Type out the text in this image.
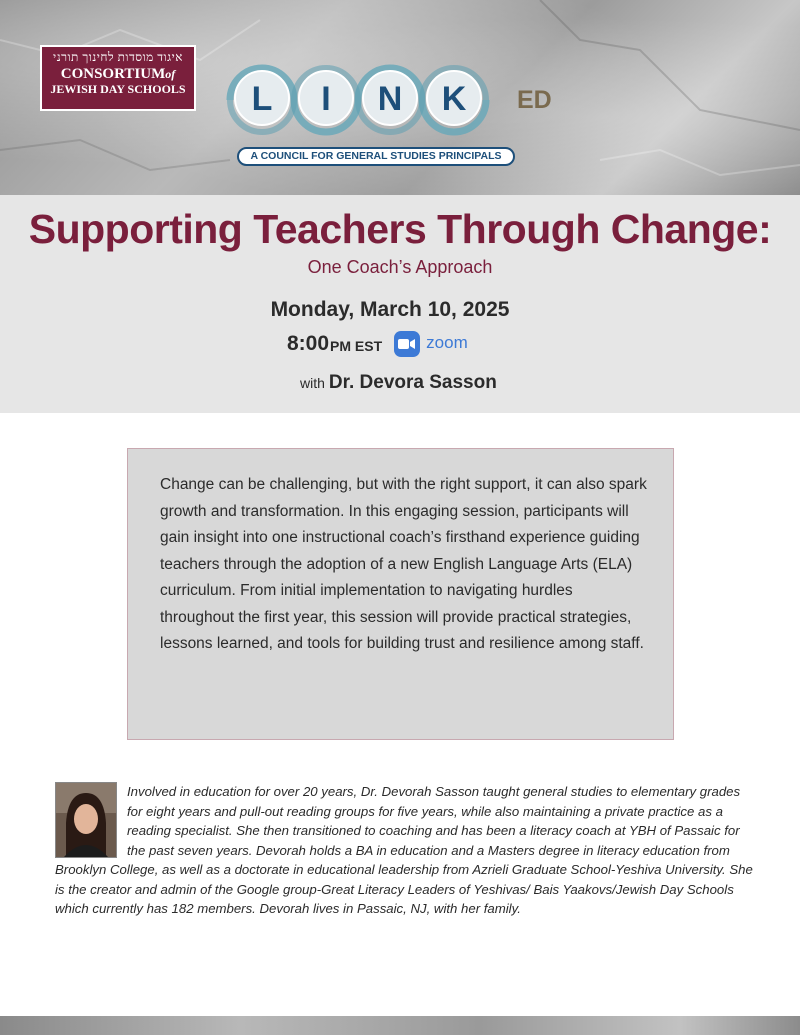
איגוד מוסדות לחינוך תורני
CONSORTIUMof
JEWISH DAY SCHOOLS L I N K ED
A COUNCIL FOR GENERAL STUDIES PRINCIPALS
Supporting Teachers Through Change:
One Coach’s Approach
Monday, March 10, 2025
8:00 PM EST	zoom
with Dr. Devora Sasson
Change can be challenging, but with the right support, it can also spark growth and transformation. In this engaging session, participants will gain insight into one instructional coach’s firsthand experience guiding teachers through the adoption of a new English Language Arts (ELA) curriculum. From initial implementation to navigating hurdles throughout the first year, this session will provide practical strategies, lessons learned, and tools for building trust and resilience among staff.
Involved in education for over 20 years, Dr. Devorah Sasson taught general studies to elementary grades for eight years and pull-out reading groups for five years, while also maintaining a private practice as a reading specialist. She then transitioned to coaching and has been a literacy coach at YBH of Passaic for the past seven years. Devorah holds a BA in education and a Masters degree in literacy education from Brooklyn College, as well as a doctorate in educational leadership from Azrieli Graduate School-Yeshiva University. She is the creator and admin of the Google group-Great Literacy Leaders of Yeshivas/ Bais Yaakovs/Jewish Day Schools which currently has 182 members. Devorah lives in Passaic, NJ, with her family.
